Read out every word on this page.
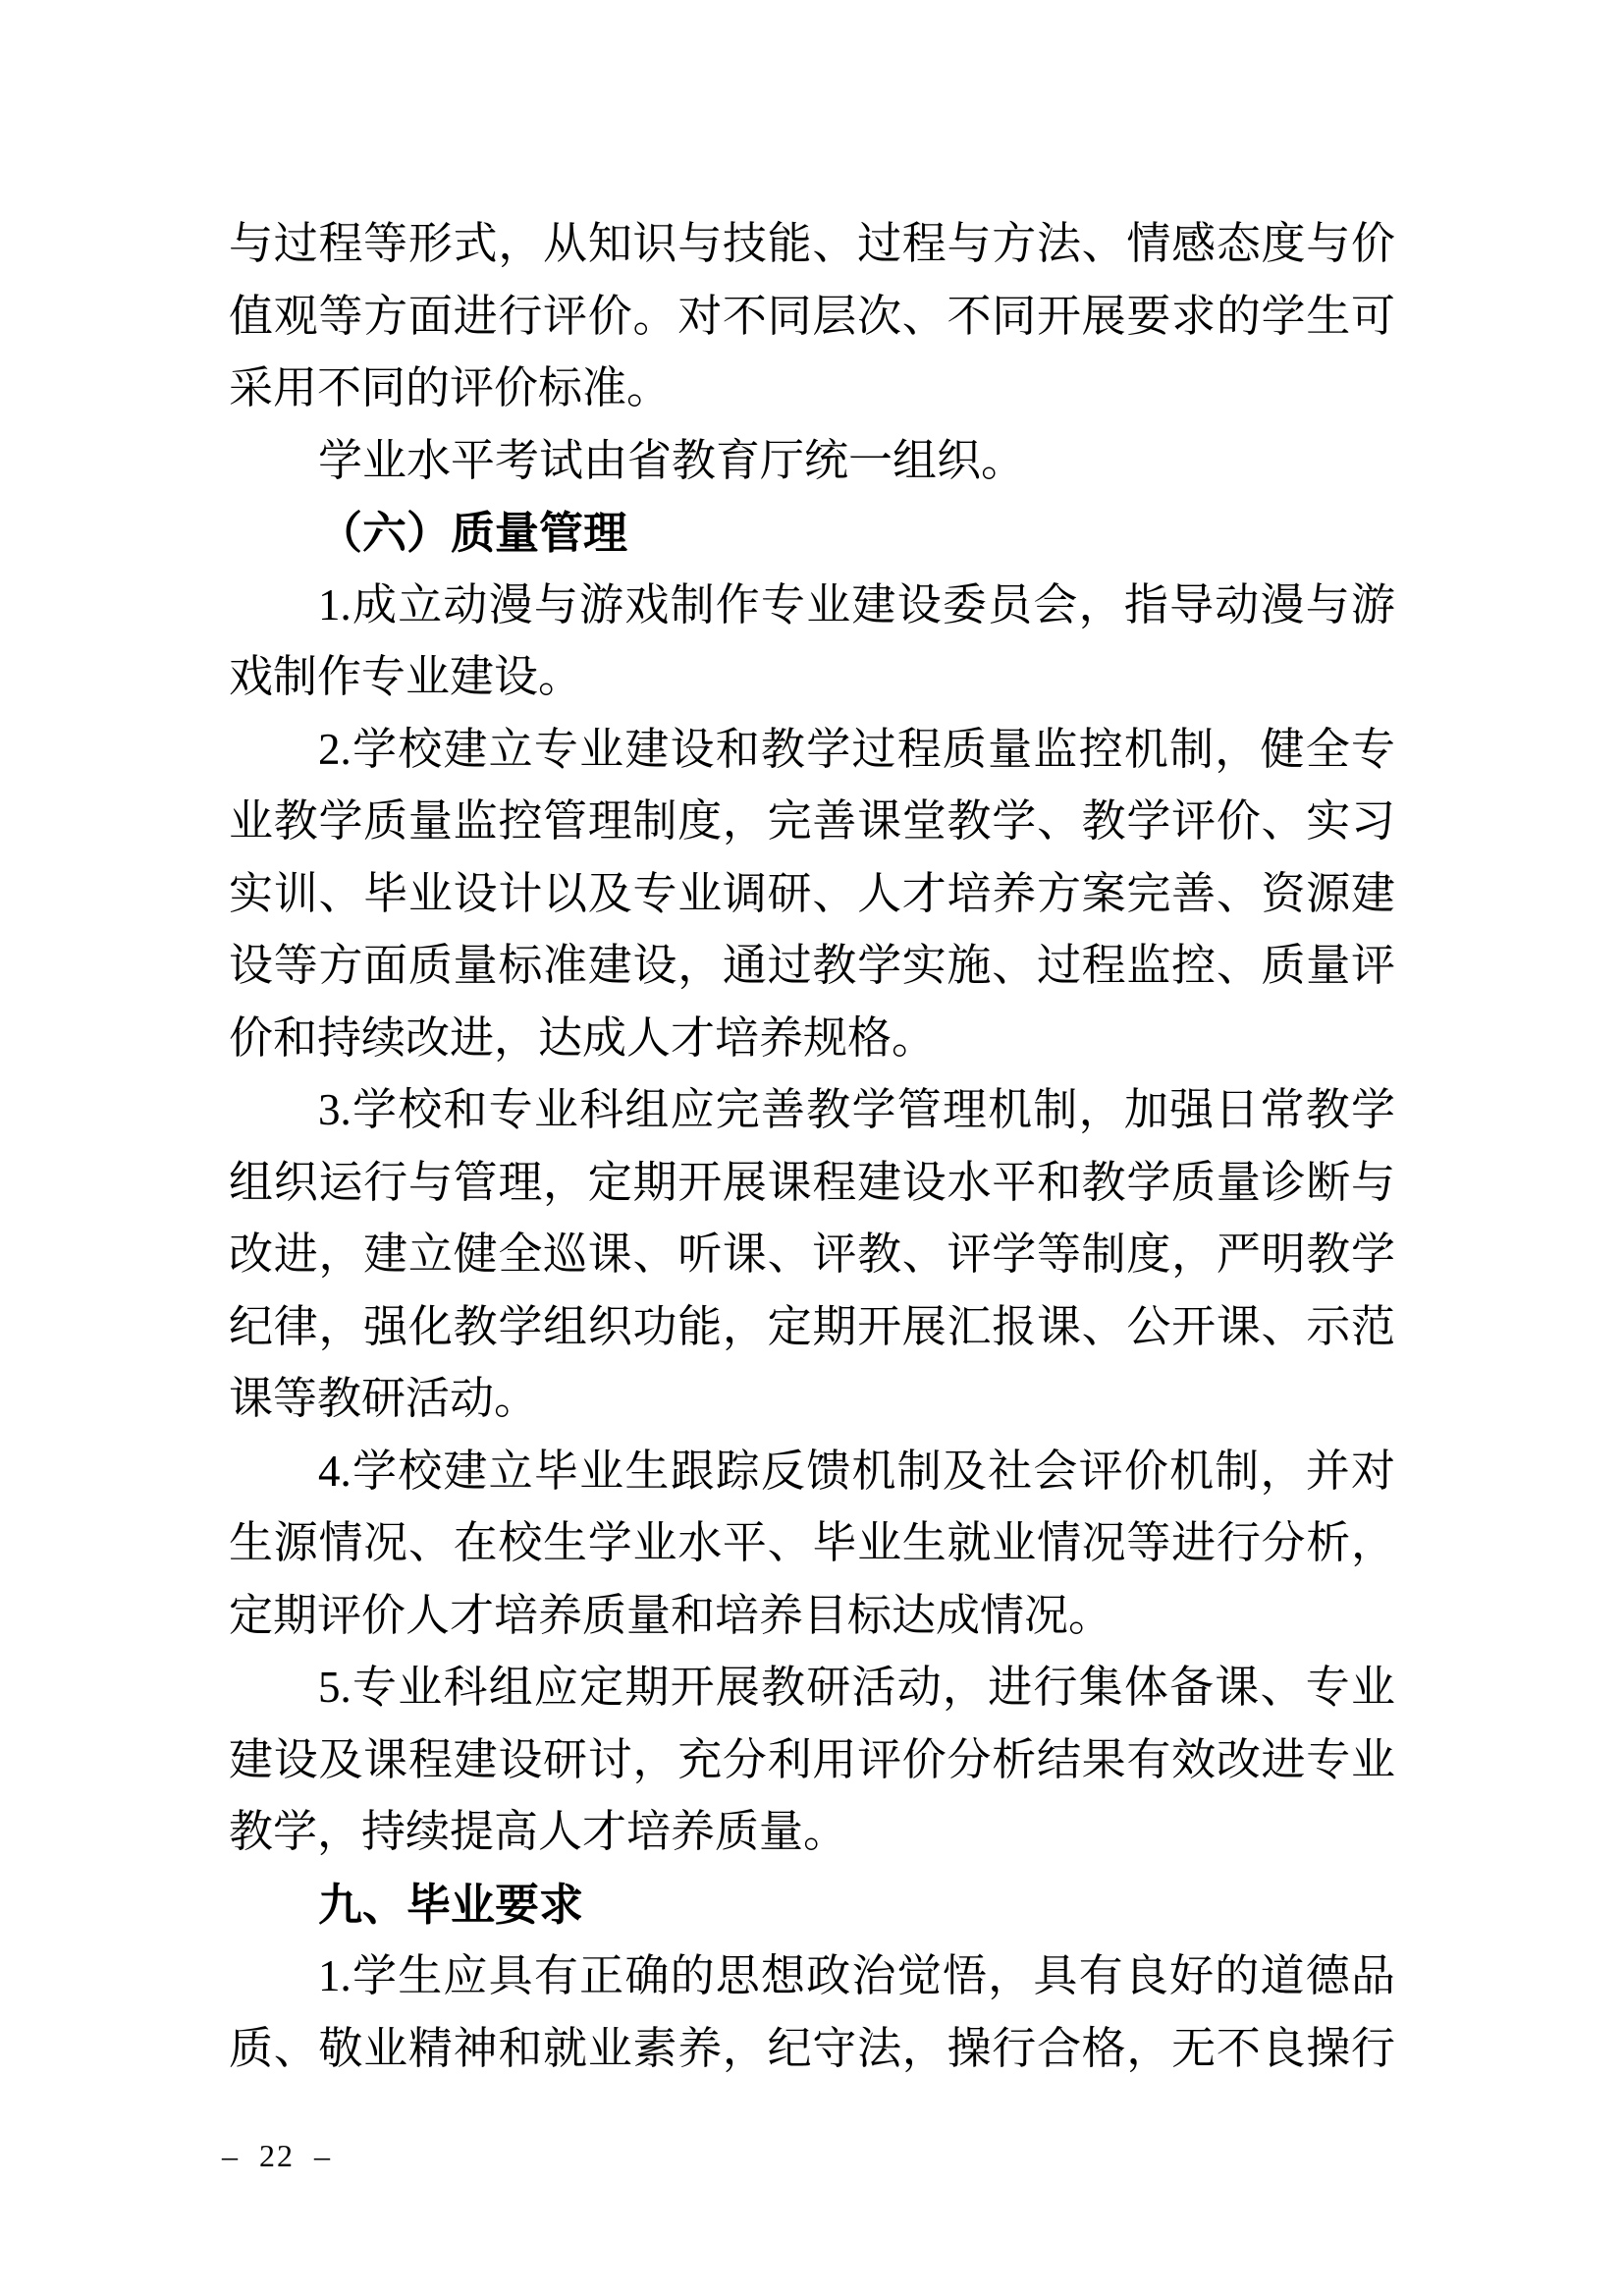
与过程等形式，从知识与技能、过程与方法、情感态度与价
值观等方面进行评价。对不同层次、不同开展要求的学生可
采用不同的评价标准。
学业水平考试由省教育厅统一组织。
（六）质量管理
1.成立动漫与游戏制作专业建设委员会，指导动漫与游
戏制作专业建设。
2.学校建立专业建设和教学过程质量监控机制，健全专
业教学质量监控管理制度，完善课堂教学、教学评价、实习
实训、毕业设计以及专业调研、人才培养方案完善、资源建
设等方面质量标准建设，通过教学实施、过程监控、质量评
价和持续改进，达成人才培养规格。
3.学校和专业科组应完善教学管理机制，加强日常教学
组织运行与管理，定期开展课程建设水平和教学质量诊断与
改进，建立健全巡课、听课、评教、评学等制度，严明教学
纪律，强化教学组织功能，定期开展汇报课、公开课、示范
课等教研活动。
4.学校建立毕业生跟踪反馈机制及社会评价机制，并对
生源情况、在校生学业水平、毕业生就业情况等进行分析，
定期评价人才培养质量和培养目标达成情况。
5.专业科组应定期开展教研活动，进行集体备课、专业
建设及课程建设研讨，充分利用评价分析结果有效改进专业
教学，持续提高人才培养质量。
九、毕业要求
1.学生应具有正确的思想政治觉悟，具有良好的道德品
质、敬业精神和就业素养，纪守法，操行合格，无不良操行
– 22 –
